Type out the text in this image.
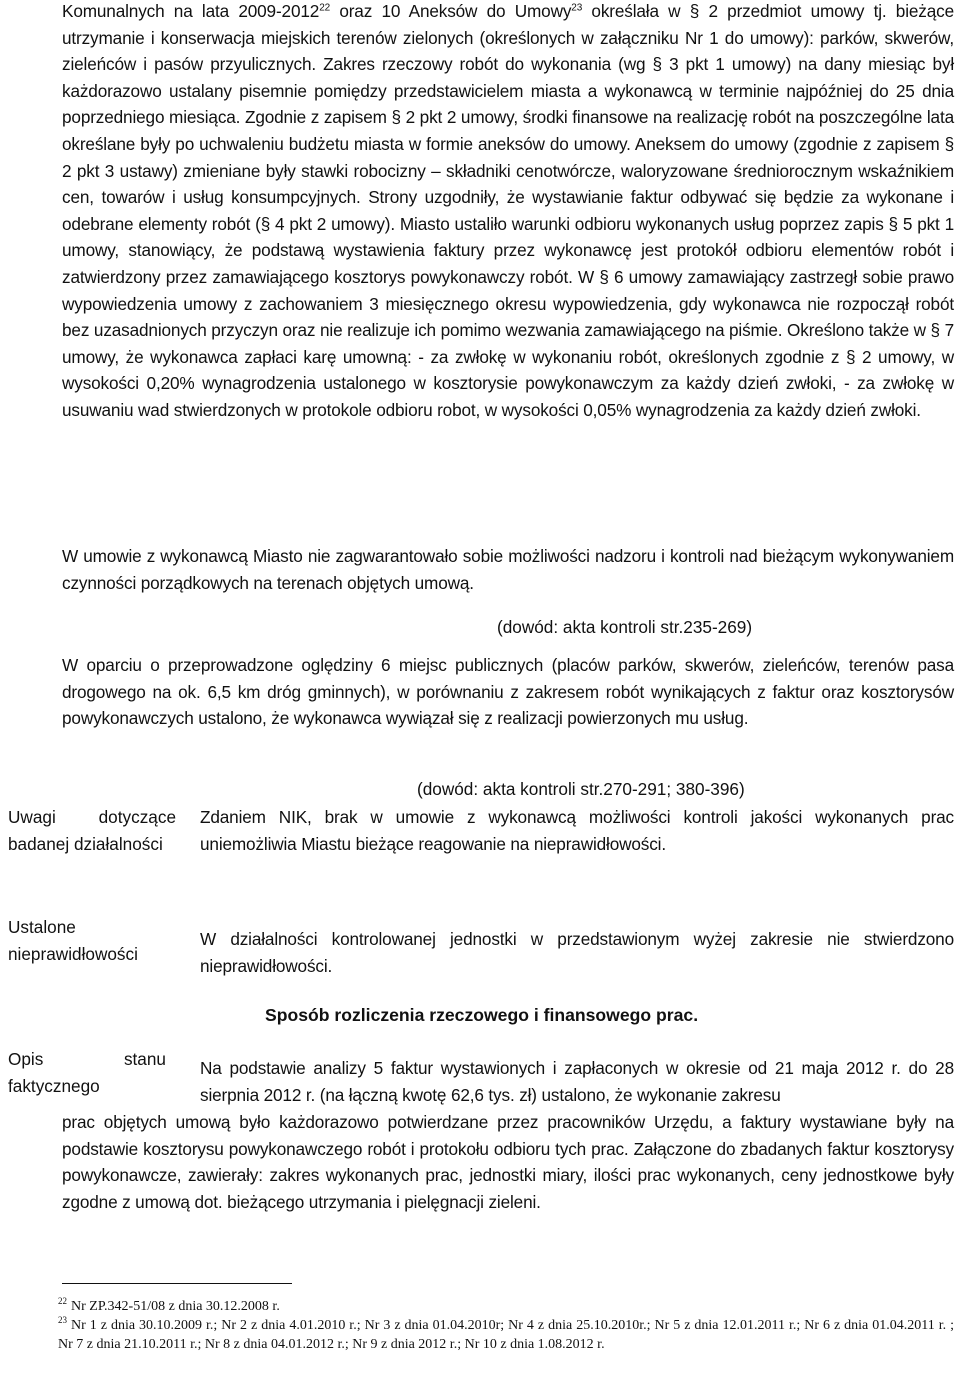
Komunalnych na lata 2009-2012$^{22}$ oraz 10 Aneksów do Umowy$^{23}$ określała w § 2 przedmiot umowy tj. bieżące utrzymanie i konserwacja miejskich terenów zielonych (określonych w załączniku Nr 1 do umowy): parków, skwerów, zieleńców i pasów przyulicznych. Zakres rzeczowy robót do wykonania (wg § 3 pkt 1 umowy) na dany miesiąc był każdorazowo ustalany pisemnie pomiędzy przedstawicielem miasta a wykonawcą w terminie najpóźniej do 25 dnia poprzedniego miesiąca. Zgodnie z zapisem § 2 pkt 2 umowy, środki finansowe na realizację robót na poszczególne lata określane były po uchwaleniu budżetu miasta w formie aneksów do umowy. Aneksem do umowy (zgodnie z zapisem § 2 pkt 3 ustawy) zmieniane były stawki robocizny – składniki cenotwórcze, waloryzowane średniorocznym wskaźnikiem cen, towarów i usług konsumpcyjnych. Strony uzgodniły, że wystawianie faktur odbywać się będzie za wykonane i odebrane elementy robót (§ 4 pkt 2 umowy). Miasto ustaliło warunki odbioru wykonanych usług poprzez zapis § 5 pkt 1 umowy, stanowiący, że podstawą wystawienia faktury przez wykonawcę jest protokół odbioru elementów robót i zatwierdzony przez zamawiającego kosztorys powykonawczy robót. W § 6 umowy zamawiający zastrzegł sobie prawo wypowiedzenia umowy z zachowaniem 3 miesięcznego okresu wypowiedzenia, gdy wykonawca nie rozpoczął robót bez uzasadnionych przyczyn oraz nie realizuje ich pomimo wezwania zamawiającego na piśmie. Określono także w § 7 umowy, że wykonawca zapłaci karę umowną: - za zwłokę w wykonaniu robót, określonych zgodnie z § 2 umowy, w wysokości 0,20% wynagrodzenia ustalonego w kosztorysie powykonawczym za każdy dzień zwłoki, - za zwłokę w usuwaniu wad stwierdzonych w protokole odbioru robot, w wysokości 0,05% wynagrodzenia za każdy dzień zwłoki.
W umowie z wykonawcą Miasto nie zagwarantowało sobie możliwości nadzoru i kontroli nad bieżącym wykonywaniem czynności porządkowych na terenach objętych umową.
(dowód: akta kontroli str.235-269)
W oparciu o przeprowadzone oględziny 6 miejsc publicznych (placów parków, skwerów, zieleńców, terenów pasa drogowego na ok. 6,5 km dróg gminnych), w porównaniu z zakresem robót wynikających z faktur oraz kosztorysów powykonawczych ustalono, że wykonawca wywiązał się z realizacji powierzonych mu usług.
(dowód: akta kontroli str.270-291; 380-396)
Uwagi dotyczące badanej działalności
Zdaniem NIK, brak w umowie z wykonawcą możliwości kontroli jakości wykonanych prac uniemożliwia Miastu bieżące reagowanie na nieprawidłowości.
Ustalone nieprawidłowości
W działalności kontrolowanej jednostki w przedstawionym wyżej zakresie nie stwierdzono nieprawidłowości.
Sposób rozliczenia rzeczowego i finansowego prac.
Opis stanu faktycznego
Na podstawie analizy 5 faktur wystawionych i zapłaconych w okresie od 21 maja 2012 r. do 28 sierpnia 2012 r. (na łączną kwotę 62,6 tys. zł) ustalono, że wykonanie zakresu
prac objętych umową było każdorazowo potwierdzane przez pracowników Urzędu, a faktury wystawiane były na podstawie kosztorysu powykonawczego robót i protokołu odbioru tych prac. Załączone do zbadanych faktur kosztorysy powykonawcze, zawierały: zakres wykonanych prac, jednostki miary, ilości prac wykonanych, ceny jednostkowe były zgodne z umową dot. bieżącego utrzymania i pielęgnacji zieleni.

$^{22}$ Nr ZP.342-51/08 z dnia 30.12.2008 r.

$^{23}$ Nr 1 z dnia 30.10.2009 r.; Nr 2 z dnia 4.01.2010 r.; Nr 3 z dnia 01.04.2010r; Nr 4 z dnia 25.10.2010r.; Nr 5 z dnia 12.01.2011 r.; Nr 6 z dnia 01.04.2011 r. ; Nr 7 z dnia 21.10.2011 r.; Nr 8 z dnia 04.01.2012 r.; Nr 9 z dnia 2012 r.; Nr 10 z dnia 1.08.2012 r.
